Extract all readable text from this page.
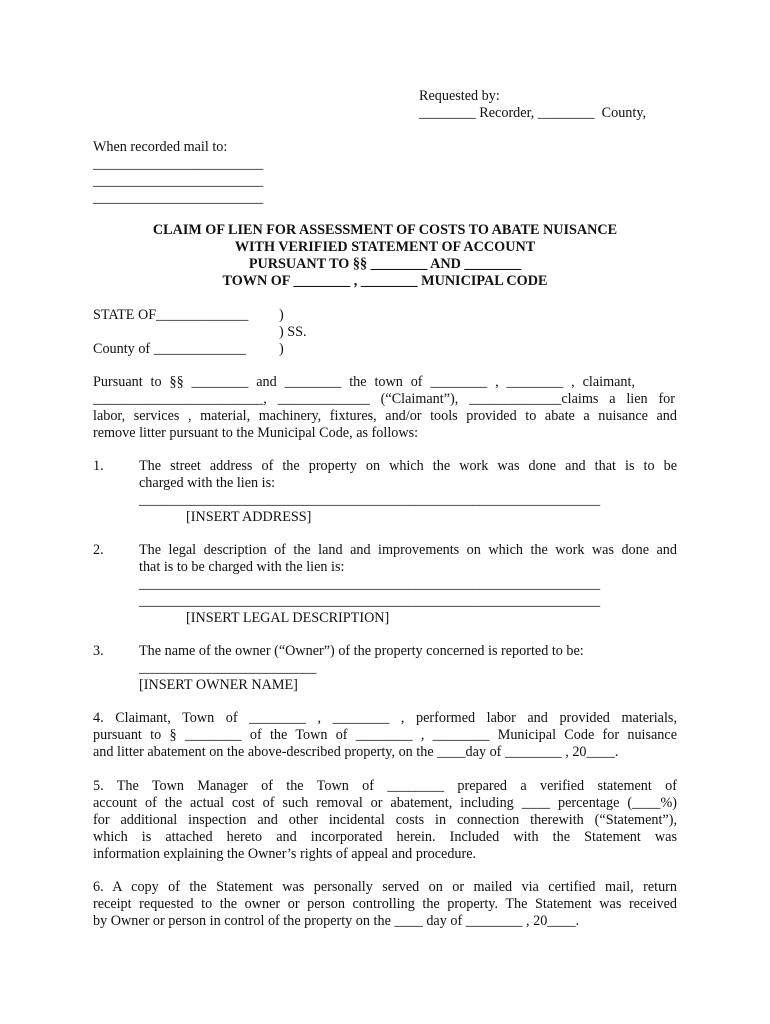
Requested by:
________ Recorder, ________  County,
When recorded mail to:
________________________
________________________
________________________
CLAIM OF LIEN FOR ASSESSMENT OF COSTS TO ABATE NUISANCE
WITH VERIFIED STATEMENT OF ACCOUNT
PURSUANT TO §§ ________ AND ________
TOWN OF ________ , ________ MUNICIPAL CODE
STATE OF_____________ )
) SS.
County of _____________ )
Pursuant to §§ ________ and ________ the town of ________ , ________ , claimant,
________________________, _____________ (“Claimant”), _____________claims a lien for
labor, services , material, machinery, fixtures, and/or tools provided to abate a nuisance and
remove litter pursuant to the Municipal Code, as follows:
1. The street address of the property on which the work was done and that is to be
charged with the lien is:
_________________________________________________________________
[INSERT ADDRESS]
2. The legal description of the land and improvements on which the work was done and
that is to be charged with the lien is:
_________________________________________________________________
_________________________________________________________________
[INSERT LEGAL DESCRIPTION]
3. The name of the owner (“Owner”) of the property concerned is reported to be:
_________________________
[INSERT OWNER NAME]
4. Claimant, Town of ________ , ________ , performed labor and provided materials,
pursuant to § ________ of the Town of ________ , ________ Municipal Code for nuisance
and litter abatement on the above-described property, on the ____day of ________ , 20____.
5. The Town Manager of the Town of ________ prepared a verified statement of
account of the actual cost of such removal or abatement, including ____ percentage (____%)
for additional inspection and other incidental costs in connection therewith (“Statement”),
which is attached hereto and incorporated herein. Included with the Statement was
information explaining the Owner’s rights of appeal and procedure.
6. A copy of the Statement was personally served on or mailed via certified mail, return
receipt requested to the owner or person controlling the property. The Statement was received
by Owner or person in control of the property on the ____ day of ________ , 20____.
